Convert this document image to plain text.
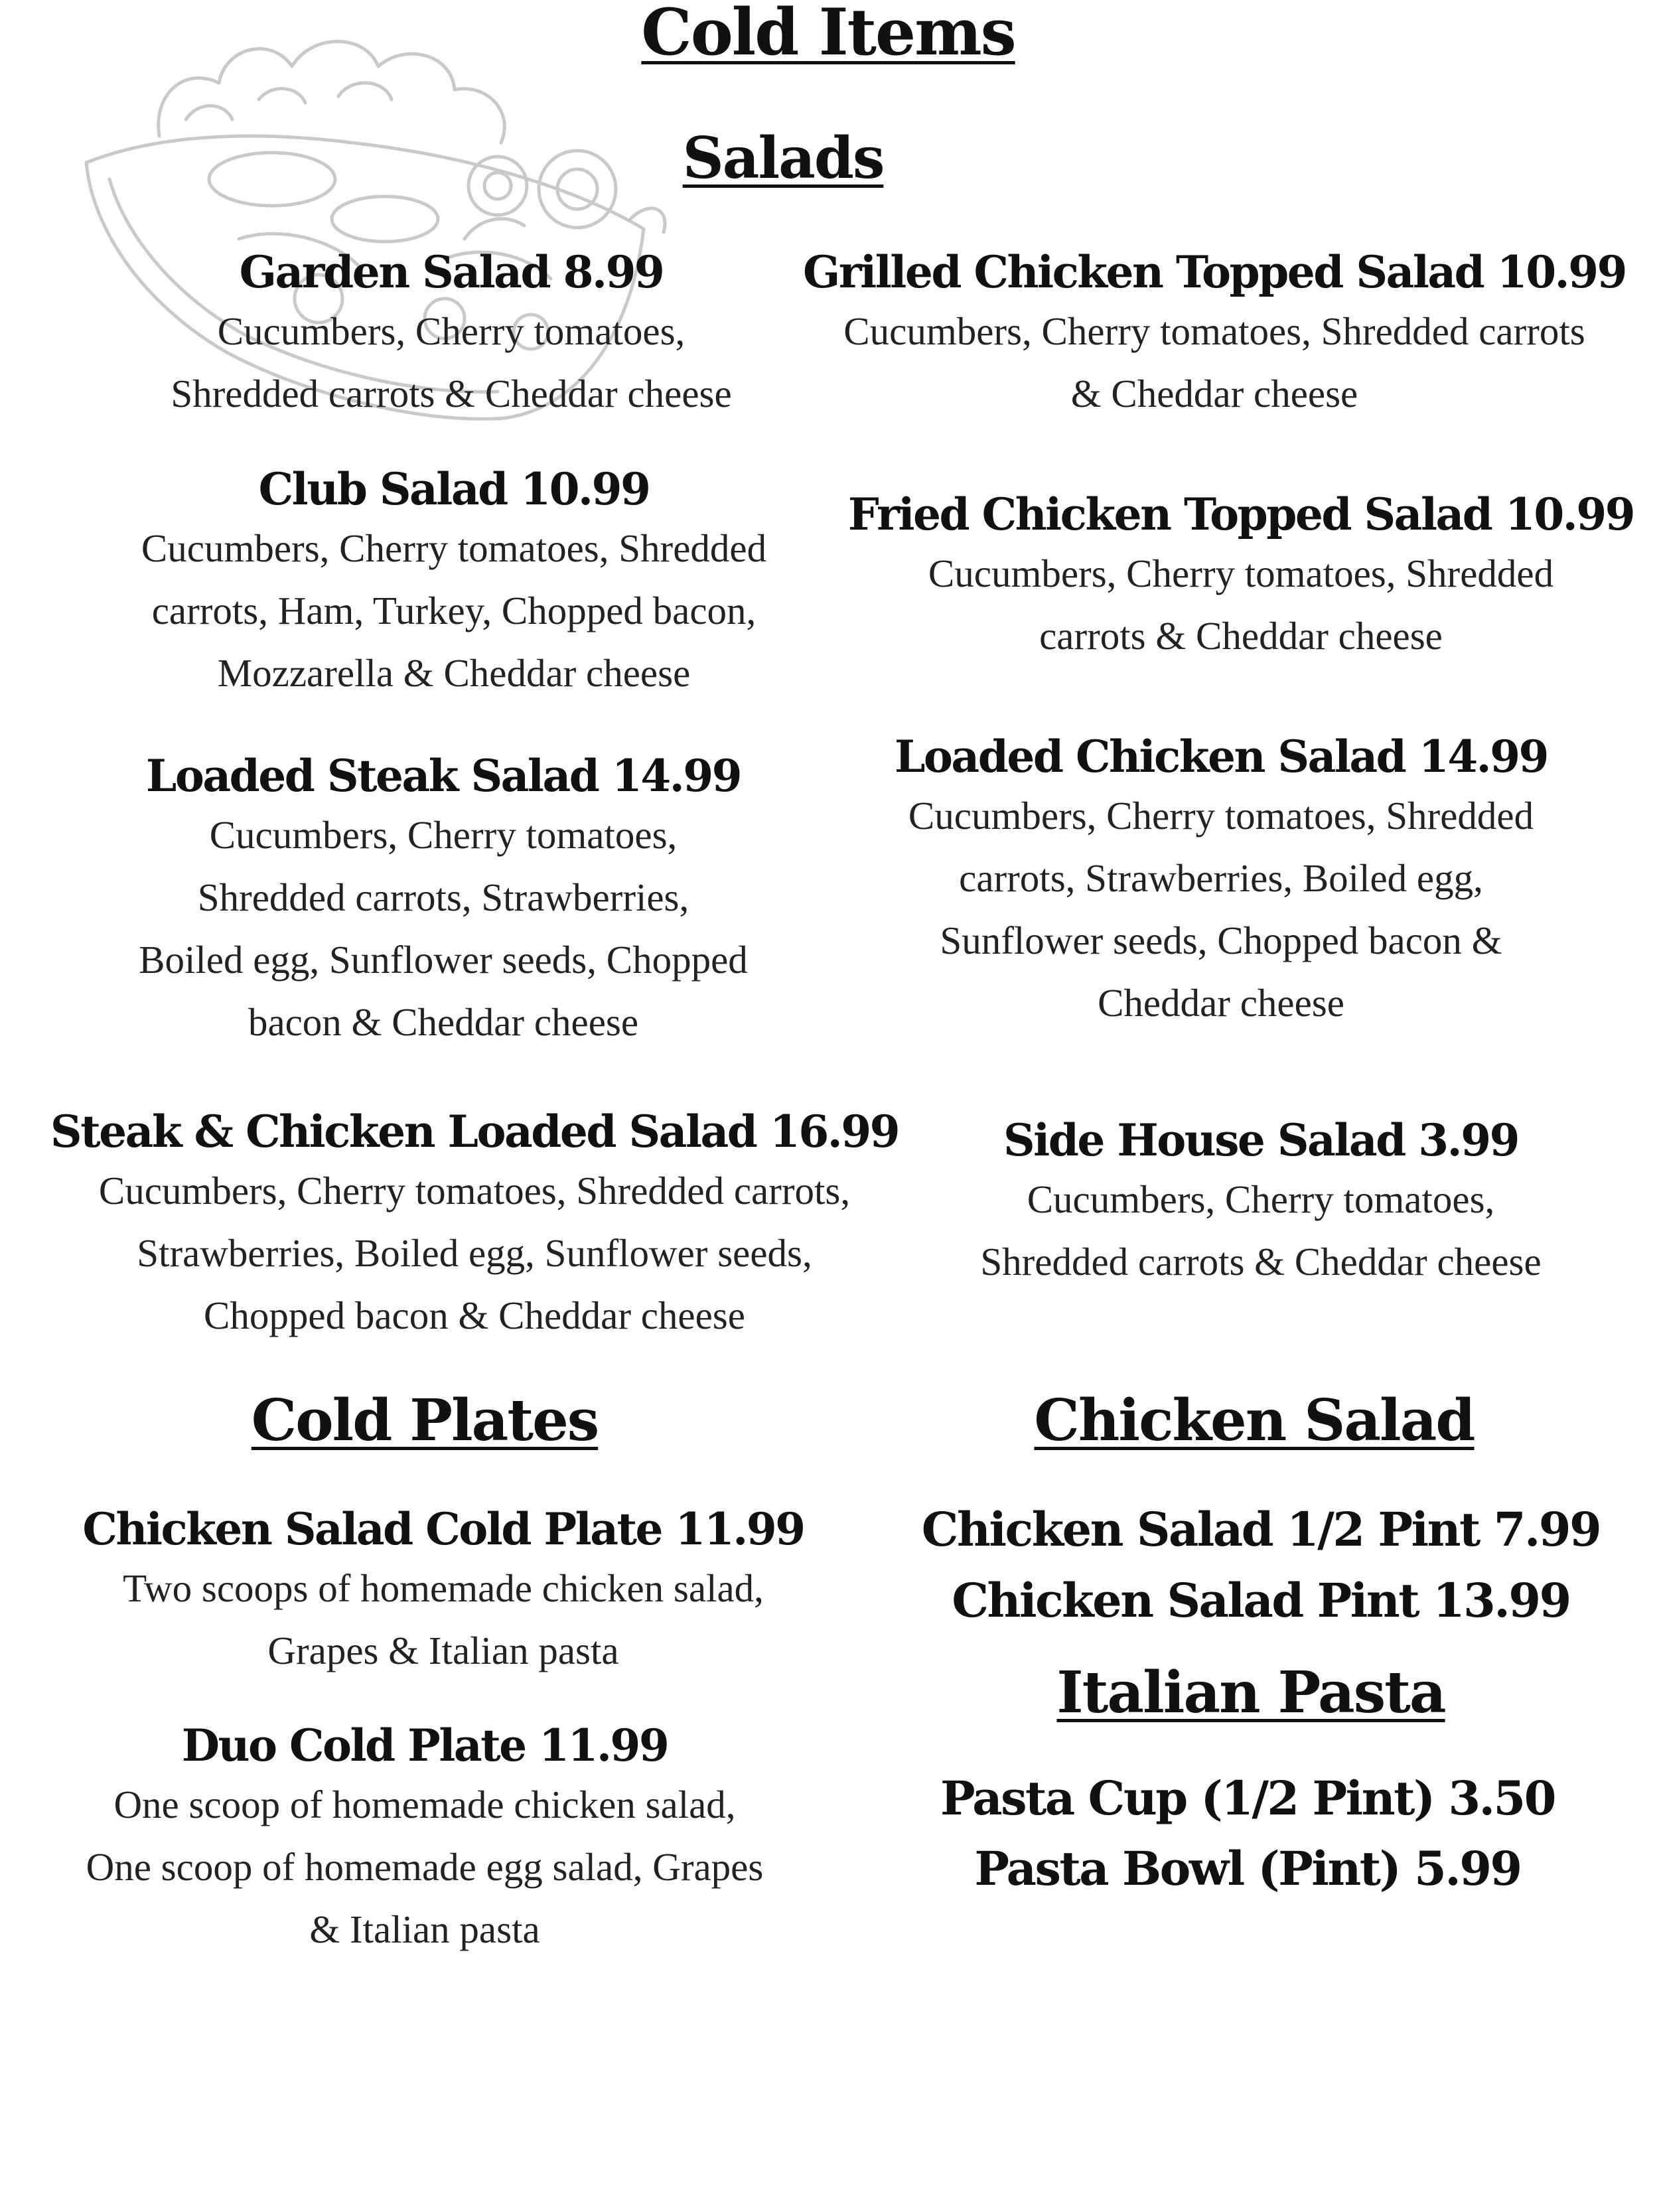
Cold Items
Salads
Garden Salad 8.99
Cucumbers, Cherry tomatoes,
Shredded carrots & Cheddar cheese
Grilled Chicken Topped Salad 10.99
Cucumbers, Cherry tomatoes, Shredded carrots
& Cheddar cheese
Club Salad 10.99
Cucumbers, Cherry tomatoes, Shredded
carrots, Ham, Turkey, Chopped bacon,
Mozzarella & Cheddar cheese
Fried Chicken Topped Salad 10.99
Cucumbers, Cherry tomatoes, Shredded
carrots & Cheddar cheese
Loaded Steak Salad 14.99
Cucumbers, Cherry tomatoes,
Shredded carrots, Strawberries,
Boiled egg, Sunflower seeds, Chopped
bacon & Cheddar cheese
Loaded Chicken Salad 14.99
Cucumbers, Cherry tomatoes, Shredded
carrots, Strawberries, Boiled egg,
Sunflower seeds, Chopped bacon &
Cheddar cheese
Steak & Chicken Loaded Salad 16.99
Cucumbers, Cherry tomatoes, Shredded carrots,
Strawberries, Boiled egg, Sunflower seeds,
Chopped bacon & Cheddar cheese
Side House Salad 3.99
Cucumbers, Cherry tomatoes,
Shredded carrots & Cheddar cheese
Cold Plates
Chicken Salad Cold Plate 11.99
Two scoops of homemade chicken salad,
Grapes & Italian pasta
Duo Cold Plate 11.99
One scoop of homemade chicken salad,
One scoop of homemade egg salad, Grapes
& Italian pasta
Chicken Salad
Chicken Salad 1/2 Pint 7.99
Chicken Salad Pint 13.99
Italian Pasta
Pasta Cup (1/2 Pint) 3.50
Pasta Bowl (Pint) 5.99
